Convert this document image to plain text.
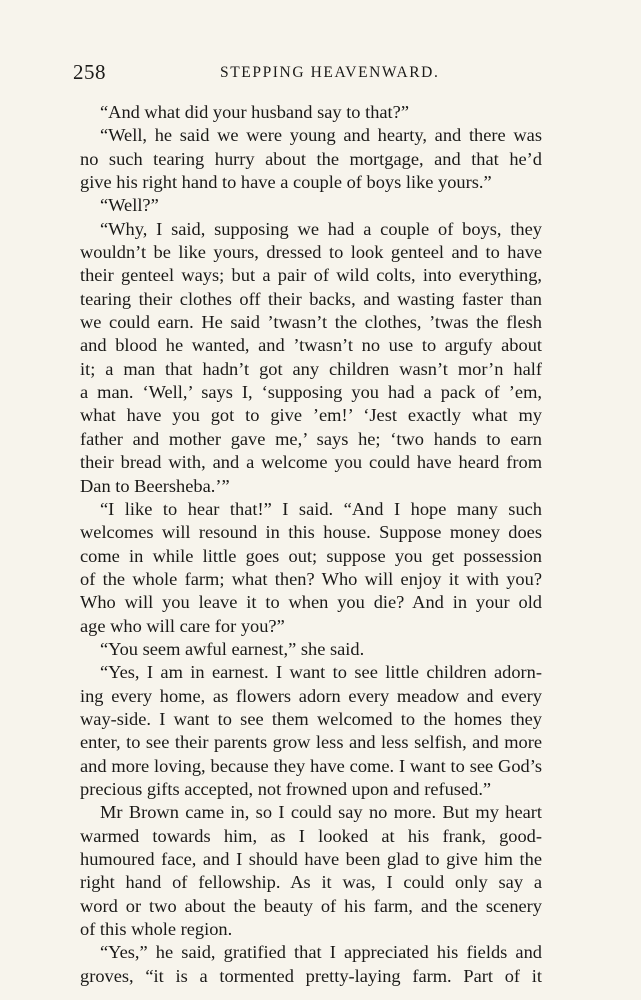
258	STEPPING HEAVENWARD.
“And what did your husband say to that?”
“Well, he said we were young and hearty, and there was
no such tearing hurry about the mortgage, and that he’d
give his right hand to have a couple of boys like yours.”
“Well?”
“Why, I said, supposing we had a couple of boys, they
wouldn’t be like yours, dressed to look genteel and to have
their genteel ways; but a pair of wild colts, into everything,
tearing their clothes off their backs, and wasting faster than
we could earn. He said ’twasn’t the clothes, ’twas the flesh
and blood he wanted, and ’twasn’t no use to argufy about
it; a man that hadn’t got any children wasn’t mor’n half
a man. ‘Well,’ says I, ‘supposing you had a pack of ’em,
what have you got to give ’em!’ ‘Jest exactly what my
father and mother gave me,’ says he; ‘two hands to earn
their bread with, and a welcome you could have heard from
Dan to Beersheba.’”
“I like to hear that!” I said. “And I hope many such
welcomes will resound in this house. Suppose money does
come in while little goes out; suppose you get possession
of the whole farm; what then? Who will enjoy it with you?
Who will you leave it to when you die? And in your old
age who will care for you?”
“You seem awful earnest,” she said.
“Yes, I am in earnest. I want to see little children adorn-
ing every home, as flowers adorn every meadow and every
way-side. I want to see them welcomed to the homes they
enter, to see their parents grow less and less selfish, and more
and more loving, because they have come. I want to see God’s
precious gifts accepted, not frowned upon and refused.”
Mr Brown came in, so I could say no more. But my heart
warmed towards him, as I looked at his frank, good-
humoured face, and I should have been glad to give him the
right hand of fellowship. As it was, I could only say a
word or two about the beauty of his farm, and the scenery
of this whole region.
“Yes,” he said, gratified that I appreciated his fields and
groves, “it is a tormented pretty-laying farm. Part of it
